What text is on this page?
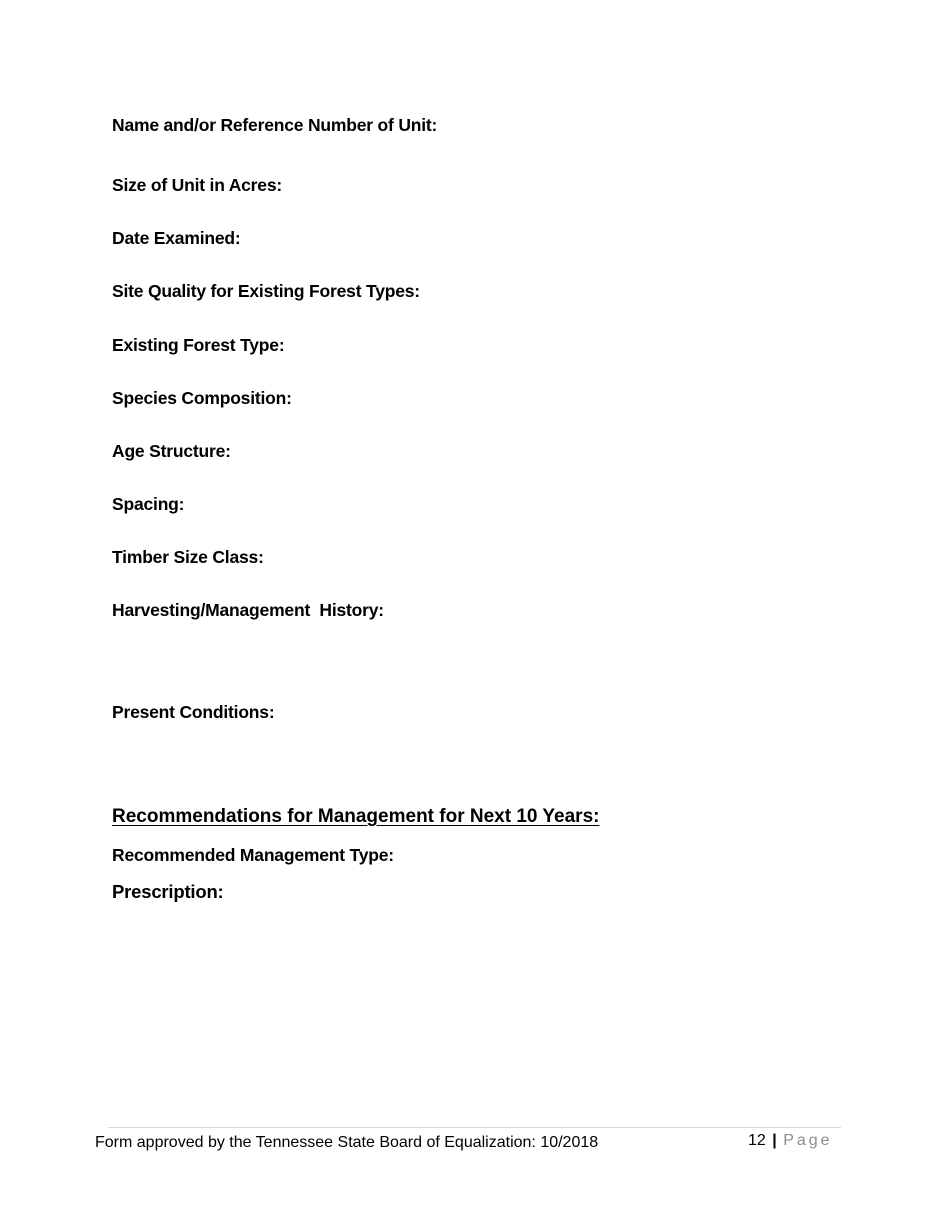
Name and/or Reference Number of Unit:
Size of Unit in Acres:
Date Examined:
Site Quality for Existing Forest Types:
Existing Forest Type:
Species Composition:
Age Structure:
Spacing:
Timber Size Class:
Harvesting/Management  History:
Present Conditions:
Recommendations for Management for Next 10 Years:
Recommended Management Type:
Prescription:
Form approved by the Tennessee State Board of Equalization: 10/2018	12 | Page
